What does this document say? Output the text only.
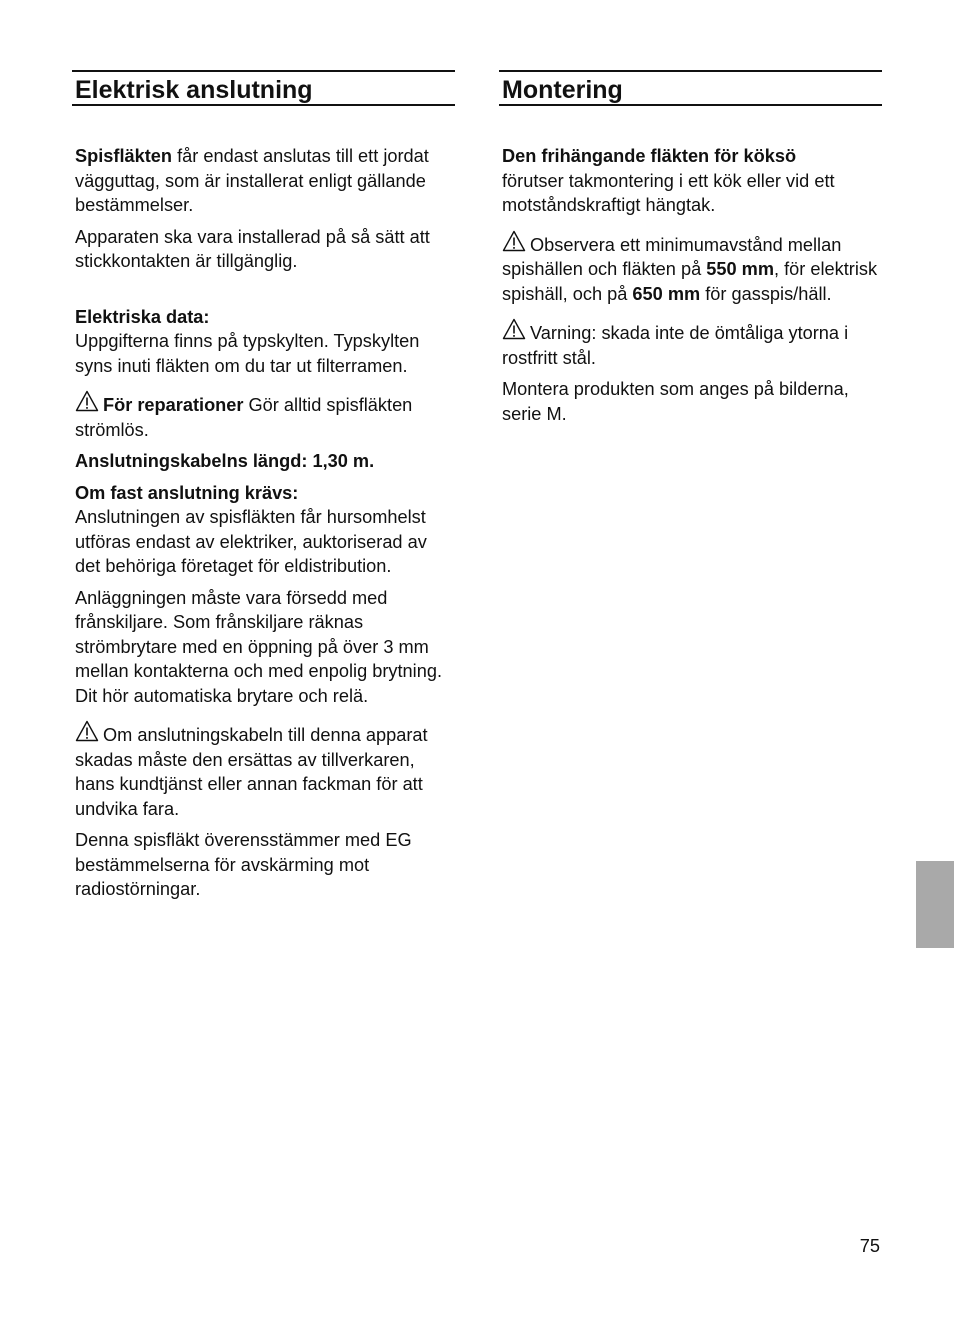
Elektrisk anslutning

Spisfläkten får endast anslutas till ett jordat vägguttag, som är installerat enligt gällande bestämmelser.

Apparaten ska vara installerad på så sätt att stickkontakten är tillgänglig.

Elektriska data:
Uppgifterna finns på typskylten. Typskylten syns inuti fläkten om du tar ut filterramen.

För reparationer Gör alltid spisfläkten strömlös.

Anslutningskabelns längd: 1,30 m.

Om fast anslutning krävs:
Anslutningen av spisfläkten får hursomhelst utföras endast av elektriker, auktoriserad av det behöriga företaget för eldistribution.

Anläggningen måste vara försedd med frånskiljare. Som frånskiljare räknas strömbrytare med en öppning på över 3 mm mellan kontakterna och med enpolig brytning. Dit hör automatiska brytare och relä.

Om anslutningskabeln till denna apparat skadas måste den ersättas av tillverkaren, hans kundtjänst eller annan fackman för att undvika fara.

Denna spisfläkt överensstämmer med EG bestämmelserna för avskärming mot radiostörningar.

Montering

Den frihängande fläkten för köksö
förutser takmontering i ett kök eller vid ett motståndskraftigt hängtak.

Observera ett minimumavstånd mellan spishällen och fläkten på 550 mm, för elektrisk spishäll, och på 650 mm för gasspis/häll.

Varning: skada inte de ömtåliga ytorna i rostfritt stål.

Montera produkten som anges på bilderna, serie M.

75
